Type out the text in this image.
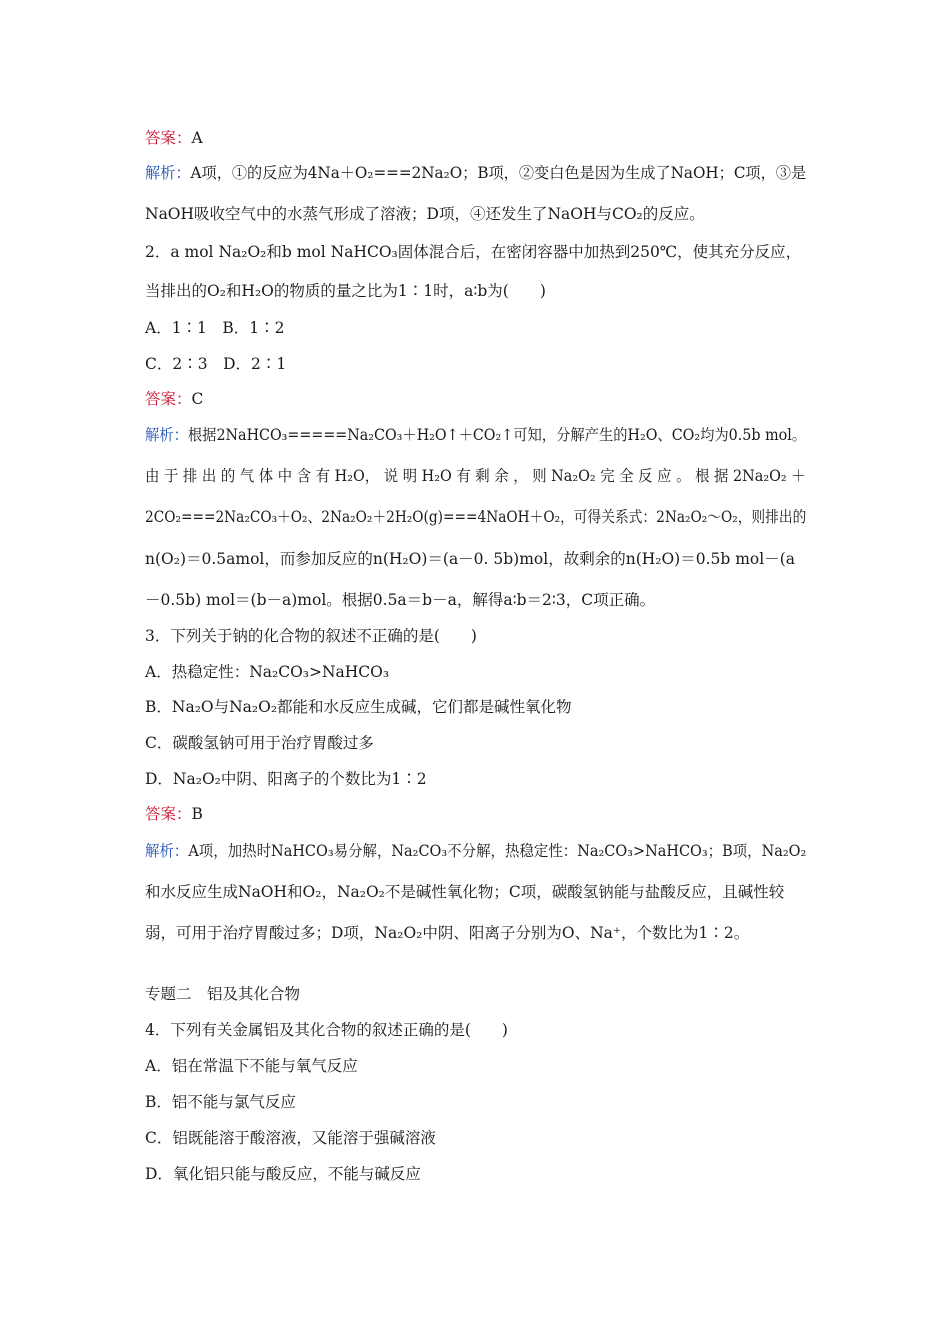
答案：A
解析：A项，①的反应为4Na＋O₂===2Na₂O；B项，②变白色是因为生成了NaOH；C项，③是
NaOH吸收空气中的水蒸气形成了溶液；D项，④还发生了NaOH与CO₂的反应。
2．a mol Na₂O₂和b mol NaHCO₃固体混合后，在密闭容器中加热到250℃，使其充分反应，
当排出的O₂和H₂O的物质的量之比为1∶1时，a∶b为(　　)
A．1∶1　B．1∶2
C．2∶3　D．2∶1
答案：C
解析：根据2NaHCO₃=====Na₂CO₃＋H₂O↑＋CO₂↑可知，分解产生的H₂O、CO₂均为0.5b mol。
由 于 排 出 的 气 体 中 含 有 H₂O， 说 明 H₂O 有 剩 余 ， 则 Na₂O₂ 完 全 反 应 。 根 据 2Na₂O₂ ＋
2CO₂===2Na₂CO₃＋O₂、2Na₂O₂＋2H₂O(g)===4NaOH＋O₂，可得关系式：2Na₂O₂～O₂，则排出的
n(O₂)＝0.5amol，而参加反应的n(H₂O)＝(a－0. 5b)mol，故剩余的n(H₂O)＝0.5b mol－(a
－0.5b) mol＝(b－a)mol。根据0.5a＝b－a，解得a∶b＝2∶3，C项正确。
3．下列关于钠的化合物的叙述不正确的是(　　)
A．热稳定性：Na₂CO₃>NaHCO₃
B．Na₂O与Na₂O₂都能和水反应生成碱，它们都是碱性氧化物
C．碳酸氢钠可用于治疗胃酸过多
D．Na₂O₂中阴、阳离子的个数比为1∶2
答案：B
解析：A项，加热时NaHCO₃易分解，Na₂CO₃不分解，热稳定性：Na₂CO₃>NaHCO₃；B项，Na₂O₂
和水反应生成NaOH和O₂，Na₂O₂不是碱性氧化物；C项，碳酸氢钠能与盐酸反应，且碱性较
弱，可用于治疗胃酸过多；D项，Na₂O₂中阴、阳离子分别为O、Na⁺，个数比为1∶2。
专题二　铝及其化合物
4．下列有关金属铝及其化合物的叙述正确的是(　　)
A．铝在常温下不能与氧气反应
B．铝不能与氯气反应
C．铝既能溶于酸溶液，又能溶于强碱溶液
D．氧化铝只能与酸反应，不能与碱反应
